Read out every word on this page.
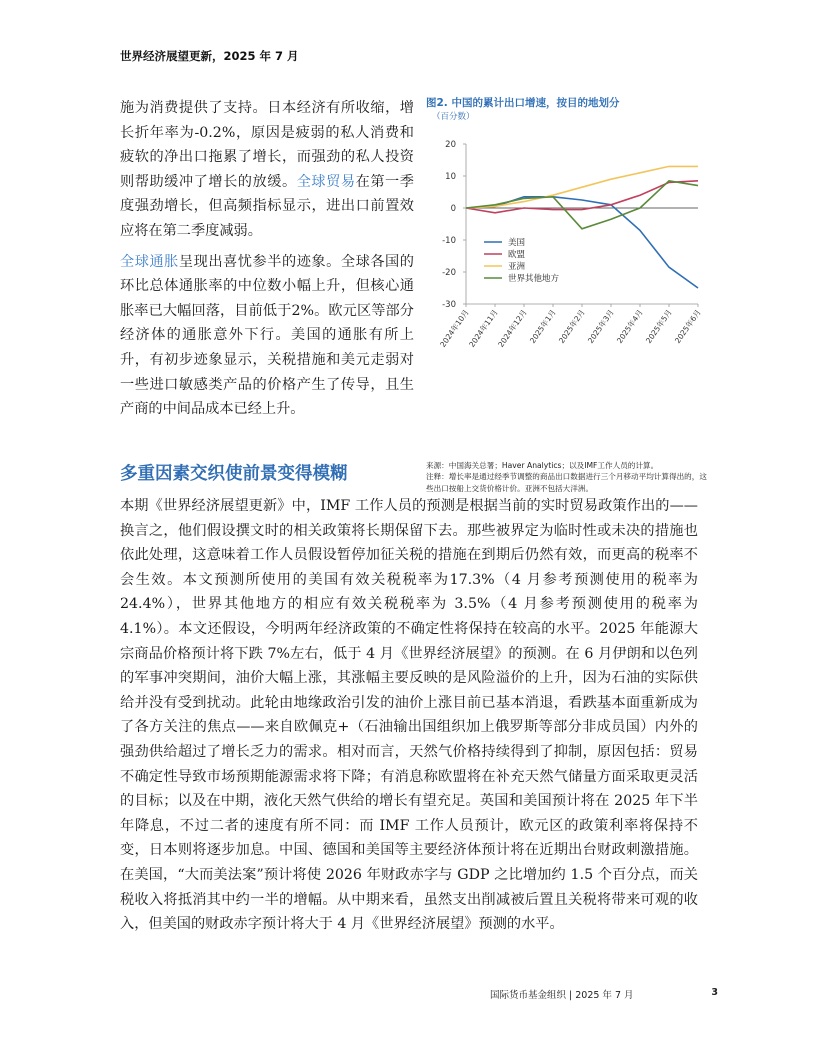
世界经济展望更新，2025 年 7 月

施为消费提供了支持。日本经济有所收缩，增长折年率为-0.2%，原因是疲弱的私人消费和疲软的净出口拖累了增长，而强劲的私人投资则帮助缓冲了增长的放缓。全球贸易在第一季度强劲增长，但高频指标显示，进出口前置效应将在第二季度减弱。

全球通胀呈现出喜忧参半的迹象。全球各国的环比总体通胀率的中位数小幅上升，但核心通胀率已大幅回落，目前低于2%。欧元区等部分经济体的通胀意外下行。美国的通胀有所上升，有初步迹象显示，关税措施和美元走弱对一些进口敏感类产品的价格产生了传导，且生产商的中间品成本已经上升。

图2. 中国的累计出口增速，按目的地划分
（百分数）
20
10
0
-10
-20
-30
2024年10月
2024年11月
2024年12月 2025年1月 2025年2月 2025年3月 2025年4月 2025年5月 2025年6月
美国
欧盟
亚洲
世界其他地方
来源：中国海关总署；Haver Analytics；以及IMF工作人员的计算。
注释：增长率是通过经季节调整的商品出口数据进行三个月移动平均计算得出的，这些出口按船上交货价格计价。亚洲不包括大洋洲。
多重因素交织使前景变得模糊
本期《世界经济展望更新》中，IMF 工作人员的预测是根据当前的实时贸易政策作出的——换言之，他们假设撰文时的相关政策将长期保留下去。那些被界定为临时性或未决的措施也依此处理，这意味着工作人员假设暂停加征关税的措施在到期后仍然有效，而更高的税率不会生效。本文预测所使用的美国有效关税税率为17.3%（4 月参考预测使用的税率为 24.4%），世界其他地方的相应有效关税税率为 3.5%（4 月参考预测使用的税率为 4.1%）。本文还假设，今明两年经济政策的不确定性将保持在较高的水平。2025 年能源大宗商品价格预计将下跌 7%左右，低于 4 月《世界经济展望》的预测。在 6 月伊朗和以色列的军事冲突期间，油价大幅上涨，其涨幅主要反映的是风险溢价的上升，因为石油的实际供给并没有受到扰动。此轮由地缘政治引发的油价上涨目前已基本消退，看跌基本面重新成为了各方关注的焦点——来自欧佩克+（石油输出国组织加上俄罗斯等部分非成员国）内外的强劲供给超过了增长乏力的需求。相对而言，天然气价格持续得到了抑制，原因包括：贸易不确定性导致市场预期能源需求将下降；有消息称欧盟将在补充天然气储量方面采取更灵活的目标；以及在中期，液化天然气供给的增长有望充足。英国和美国预计将在 2025 年下半年降息，不过二者的速度有所不同：而 IMF 工作人员预计，欧元区的政策利率将保持不变，日本则将逐步加息。中国、德国和美国等主要经济体预计将在近期出台财政刺激措施。在美国，“大而美法案”预计将使 2026 年财政赤字与 GDP 之比增加约 1.5 个百分点，而关税收入将抵消其中约一半的增幅。从中期来看，虽然支出削减被后置且关税将带来可观的收入，但美国的财政赤字预计将大于 4 月《世界经济展望》预测的水平。
国际货币基金组织 | 2025 年 7 月	3
